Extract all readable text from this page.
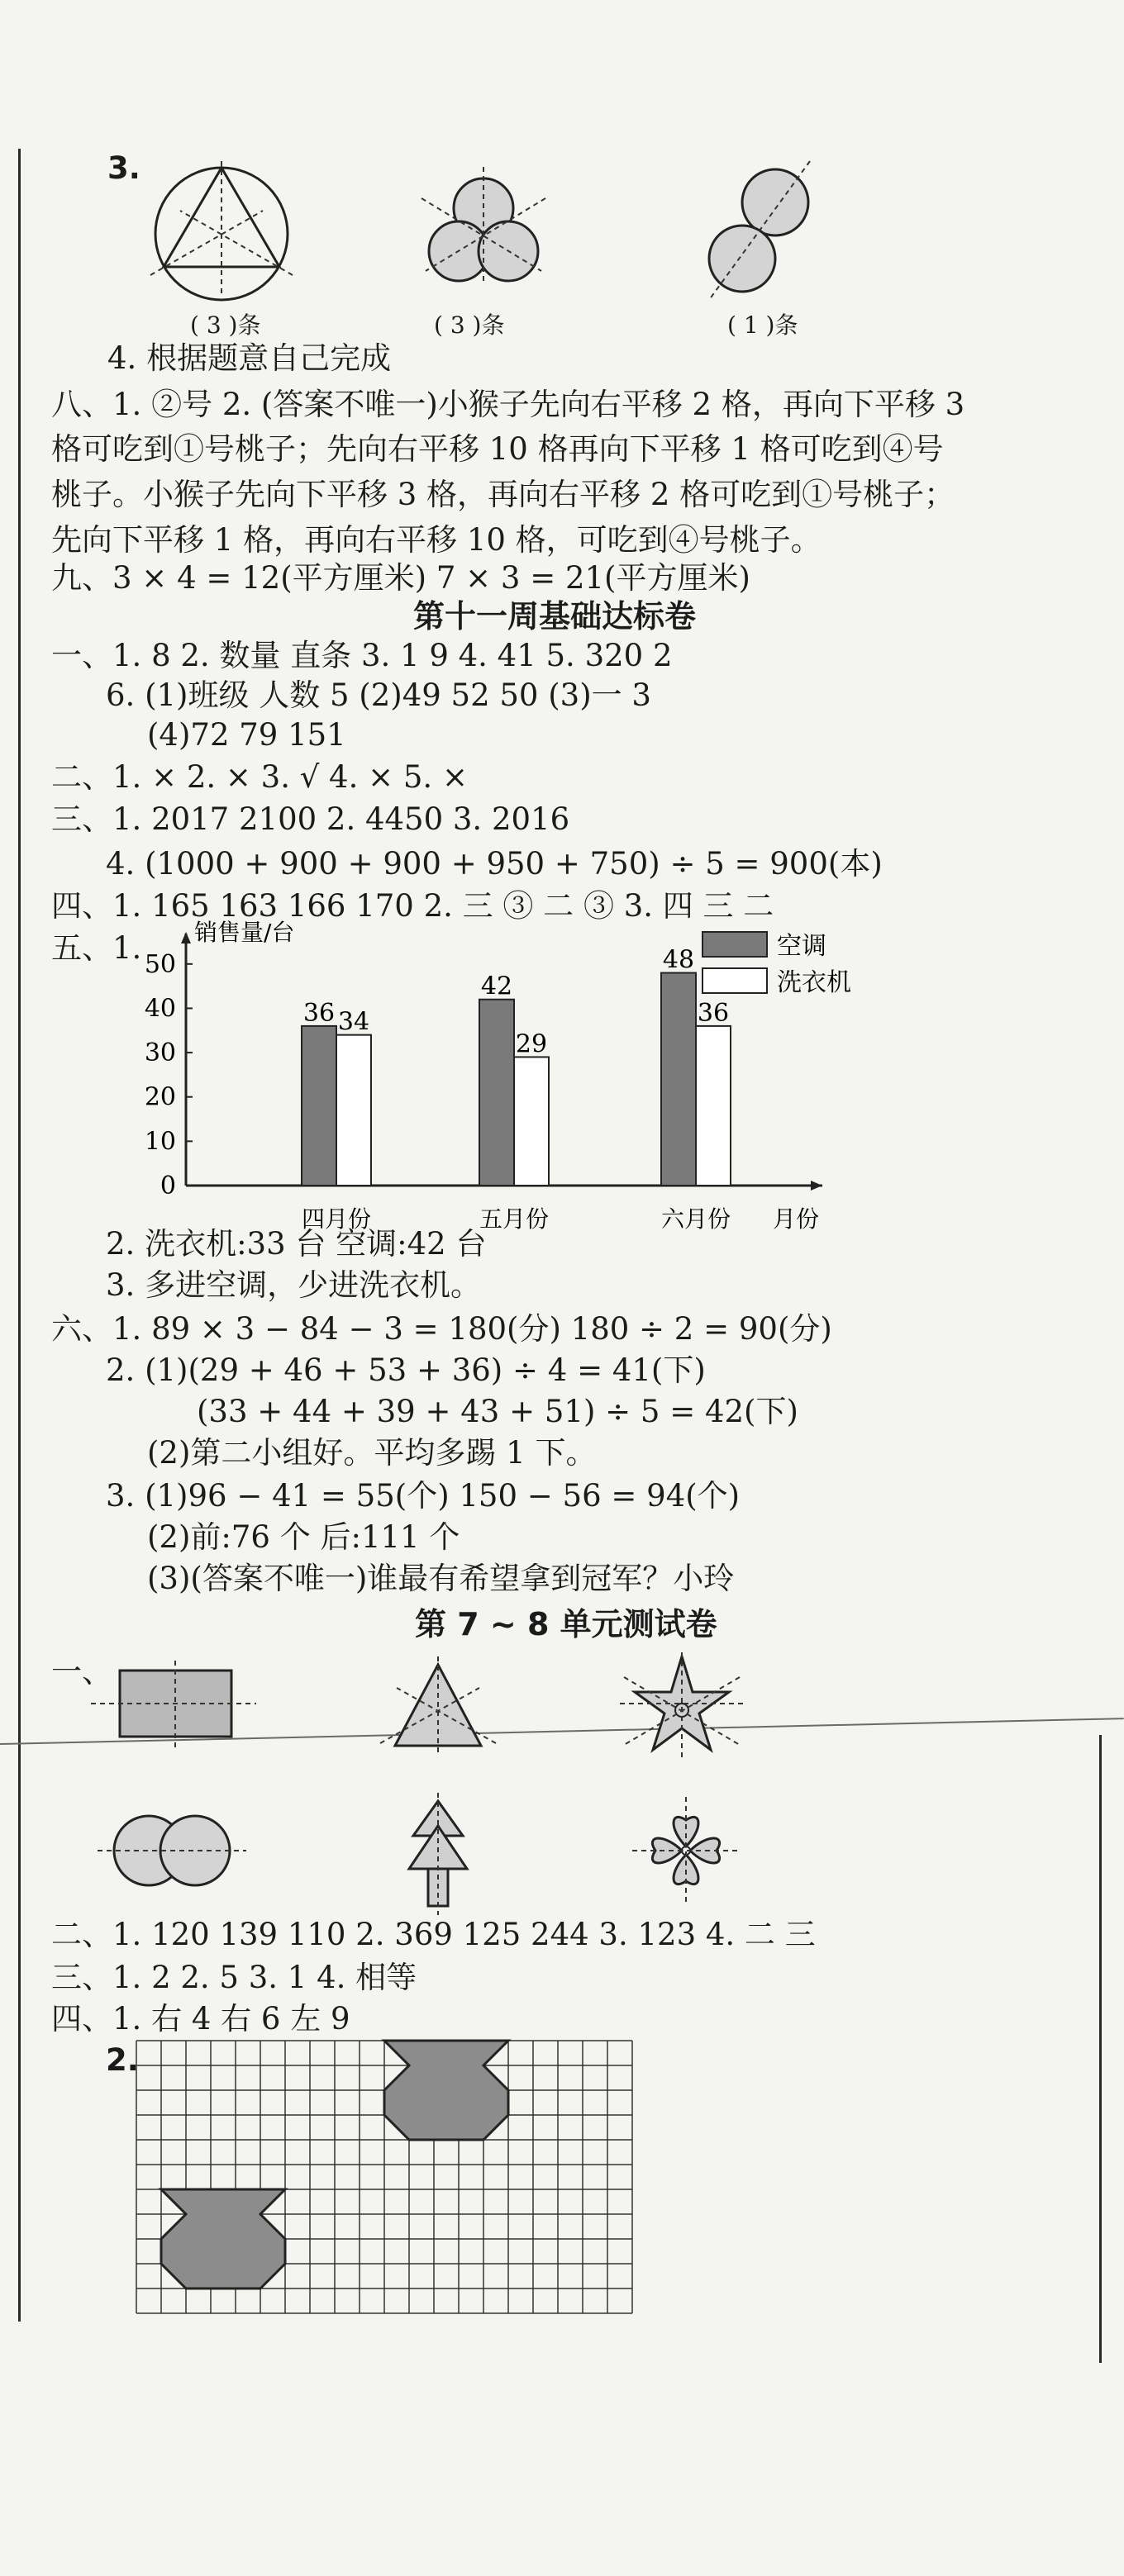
3.
( 3 )条	( 3 )条	( 1 )条
4. 根据题意自己完成
八、1. ②号 2. (答案不唯一)小猴子先向右平移 2 格，再向下平移 3
格可吃到①号桃子；先向右平移 10 格再向下平移 1 格可吃到④号
桃子。小猴子先向下平移 3 格，再向右平移 2 格可吃到①号桃子；
先向下平移 1 格，再向右平移 10 格，可吃到④号桃子。
九、3 × 4 = 12(平方厘米) 7 × 3 = 21(平方厘米)
第十一周基础达标卷
一、1. 8 2. 数量 直条 3. 1 9 4. 41 5. 320 2
6. (1)班级 人数 5 (2)49 52 50 (3)一 3
(4)72 79 151
二、1. × 2. × 3. √ 4. × 5. ×
三、1. 2017 2100 2. 4450 3. 2016
4. (1000 + 900 + 900 + 950 + 750) ÷ 5 = 900(本)
四、1. 165 163 166 170 2. 三 ③ 二 ③ 3. 四 三 二
五、1. 销售量/台
月份
0
10
20
30
40
50
36 34
四月份
42
29
五月份
48
36
六月份
空调
洗衣机
2. 洗衣机:33 台 空调:42 台
3. 多进空调，少进洗衣机。
六、1. 89 × 3 − 84 − 3 = 180(分) 180 ÷ 2 = 90(分)
2. (1)(29 + 46 + 53 + 36) ÷ 4 = 41(下)
(33 + 44 + 39 + 43 + 51) ÷ 5 = 42(下)
(2)第二小组好。平均多踢 1 下。
3. (1)96 − 41 = 55(个) 150 − 56 = 94(个)
(2)前:76 个 后:111 个
(3)(答案不唯一)谁最有希望拿到冠军？小玲
第 7 ~ 8 单元测试卷
一、
二、1. 120 139 110 2. 369 125 244 3. 123 4. 二 三
三、1. 2 2. 5 3. 1 4. 相等
四、1. 右 4 右 6 左 9
2.
